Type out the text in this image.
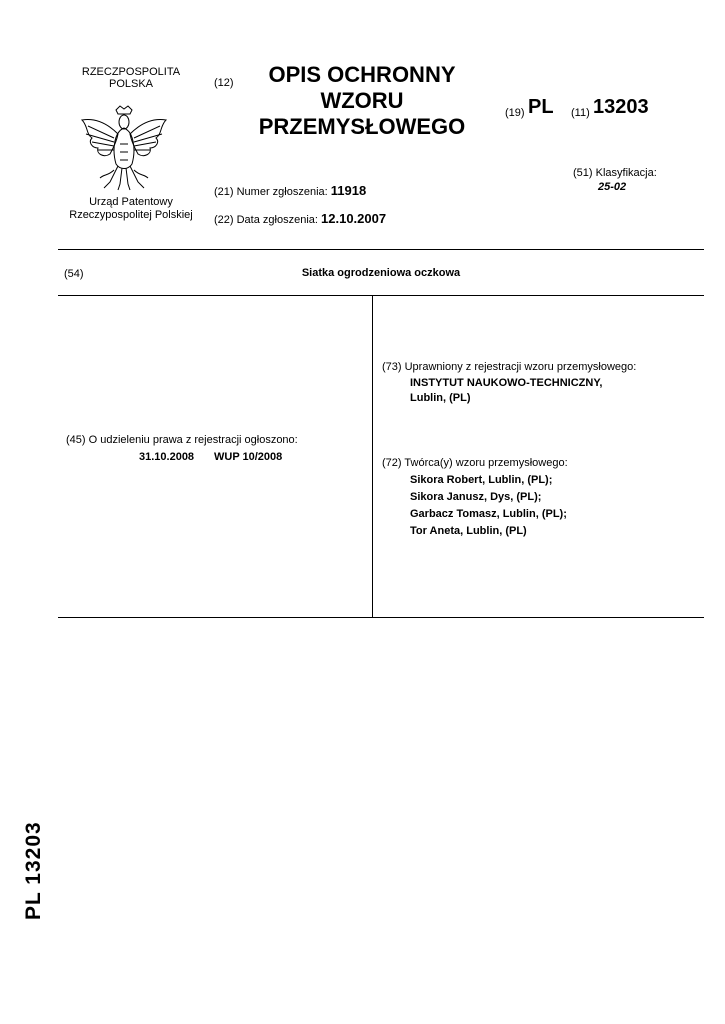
RZECZPOSPOLITA
POLSKA
Urząd Patentowy
Rzeczypospolitej Polskiej
(12)	OPIS OCHRONNY
WZORU
PRZEMYSŁOWEGO
(19) PL (11) 13203
(51) Klasyfikacja:
25-02
(21) Numer zgłoszenia: 11918
(22) Data zgłoszenia: 12.10.2007
(54)	Siatka ogrodzeniowa oczkowa
(45) O udzieleniu prawa z rejestracji ogłoszono:
31.10.2008 WUP 10/2008
(73) Uprawniony z rejestracji wzoru przemysłowego:
INSTYTUT NAUKOWO-TECHNICZNY,
Lublin, (PL)
(72) Twórca(y) wzoru przemysłowego:
Sikora Robert, Lublin, (PL);
Sikora Janusz, Dys, (PL);
Garbacz Tomasz, Lublin, (PL);
Tor Aneta, Lublin, (PL)
PL 13203
